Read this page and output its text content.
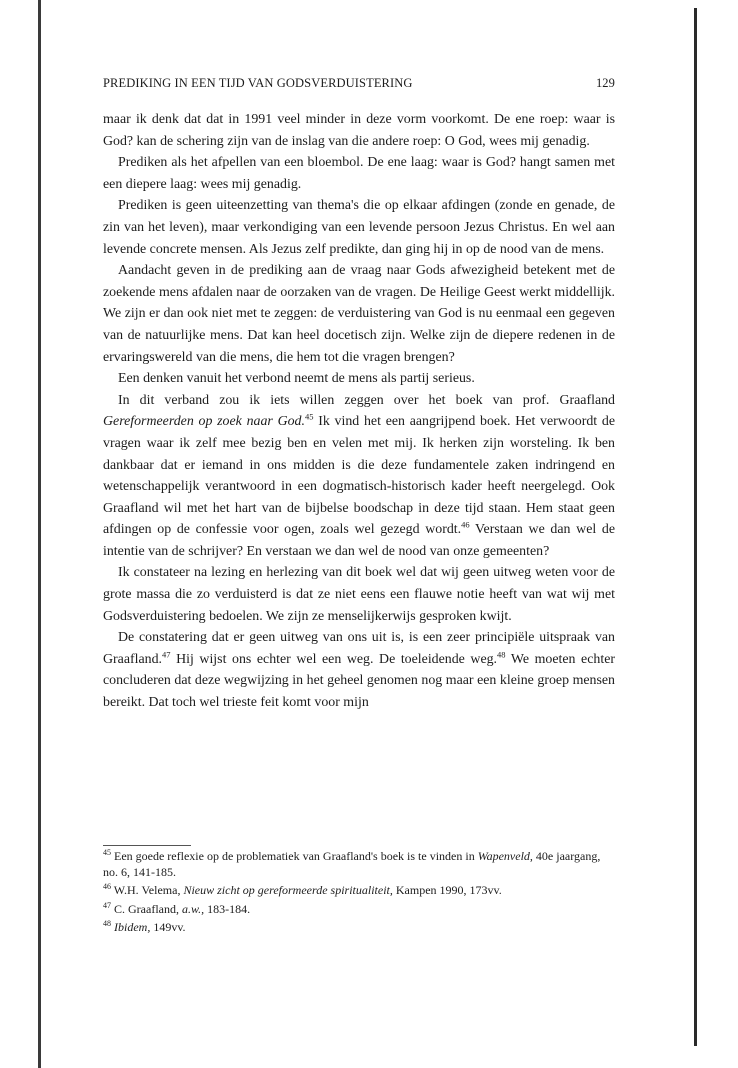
PREDIKING IN EEN TIJD VAN GODSVERDUISTERING	129

maar ik denk dat dat in 1991 veel minder in deze vorm voorkomt. De ene roep: waar is God? kan de schering zijn van de inslag van die andere roep: O God, wees mij genadig.

Prediken als het afpellen van een bloembol. De ene laag: waar is God? hangt samen met een diepere laag: wees mij genadig.

Prediken is geen uiteenzetting van thema's die op elkaar afdingen (zonde en genade, de zin van het leven), maar verkondiging van een levende persoon Jezus Christus. En wel aan levende concrete mensen. Als Jezus zelf predikte, dan ging hij in op de nood van de mens.

Aandacht geven in de prediking aan de vraag naar Gods afwezigheid betekent met de zoekende mens afdalen naar de oorzaken van de vragen. De Heilige Geest werkt middellijk. We zijn er dan ook niet met te zeggen: de verduistering van God is nu eenmaal een gegeven van de natuurlijke mens. Dat kan heel docetisch zijn. Welke zijn de diepere redenen in de ervaringswereld van die mens, die hem tot die vragen brengen?

Een denken vanuit het verbond neemt de mens als partij serieus.

In dit verband zou ik iets willen zeggen over het boek van prof. Graafland Gereformeerden op zoek naar God.$^{45}$ Ik vind het een aangrijpend boek. Het verwoordt de vragen waar ik zelf mee bezig ben en velen met mij. Ik herken zijn worsteling. Ik ben dankbaar dat er iemand in ons midden is die deze fundamentele zaken indringend en wetenschappelijk verantwoord in een dogmatisch-historisch kader heeft neergelegd. Ook Graafland wil met het hart van de bijbelse boodschap in deze tijd staan. Hem staat geen afdingen op de confessie voor ogen, zoals wel gezegd wordt.$^{46}$ Verstaan we dan wel de intentie van de schrijver? En verstaan we dan wel de nood van onze gemeenten?

Ik constateer na lezing en herlezing van dit boek wel dat wij geen uitweg weten voor de grote massa die zo verduisterd is dat ze niet eens een flauwe notie heeft van wat wij met Godsverduistering bedoelen. We zijn ze menselijkerwijs gesproken kwijt.

De constatering dat er geen uitweg van ons uit is, is een zeer principiële uitspraak van Graafland.$^{47}$ Hij wijst ons echter wel een weg. De toeleidende weg.$^{48}$ We moeten echter concluderen dat deze wegwijzing in het geheel genomen nog maar een kleine groep mensen bereikt. Dat toch wel trieste feit komt voor mijn

$^{45}$ Een goede reflexie op de problematiek van Graafland's boek is te vinden in Wapenveld, 40e jaargang, no. 6, 141-185.

$^{46}$ W.H. Velema, Nieuw zicht op gereformeerde spiritualiteit, Kampen 1990, 173vv.

$^{47}$ C. Graafland, a.w., 183-184.

$^{48}$ Ibidem, 149vv.
